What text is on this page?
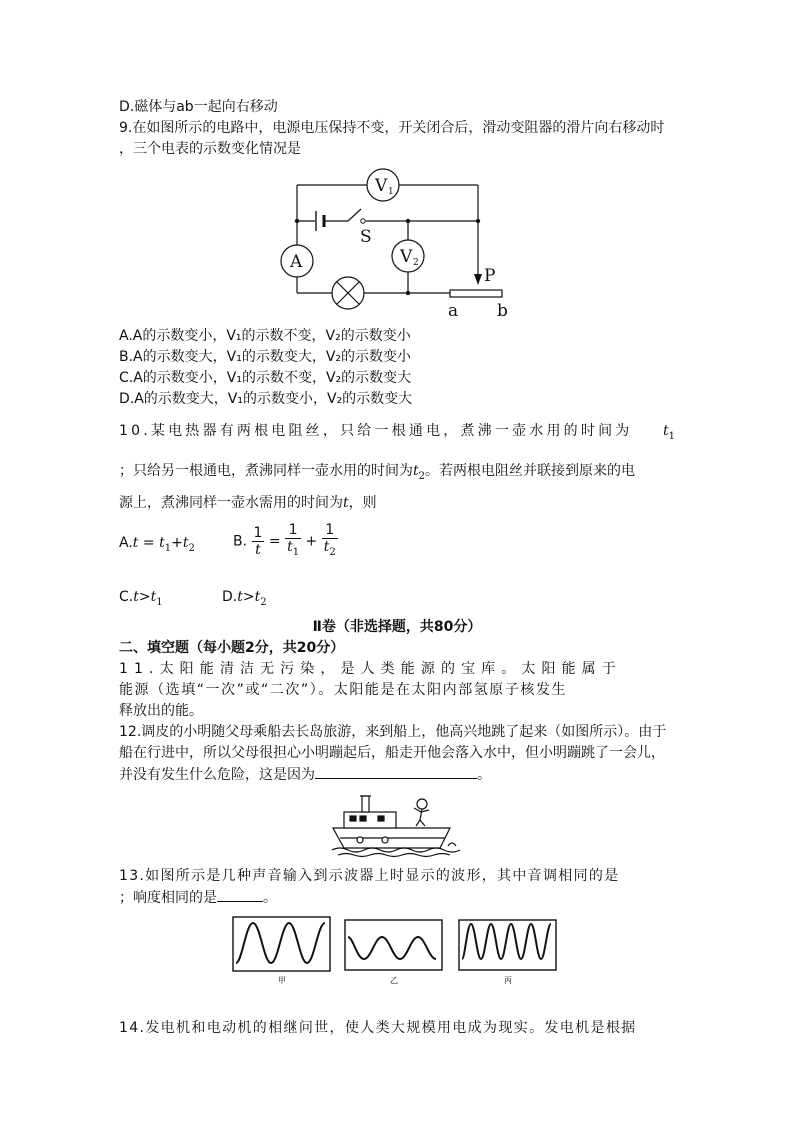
D.磁体与ab一起向右移动
9.在如图所示的电路中，电源电压保持不变，开关闭合后，滑动变阻器的滑片向右移动时
，三个电表的示数变化情况是
V 1
V 2
A
S
P
a b
A.A的示数变小，V₁的示数不变，V₂的示数变小
B.A的示数变大，V₁的示数变大，V₂的示数变小
C.A的示数变小，V₁的示数不变，V₂的示数变大
D.A的示数变大，V₁的示数变小，V₂的示数变大
10.某电热器有两根电阻丝，只给一根通电，煮沸一壶水用的时间为 $t_1$
；只给另一根通电，煮沸同样一壶水用的时间为$t_2$。若两根电阻丝并联接到原来的电
源上，煮沸同样一壶水需用的时间为t，则
$A.t = t_1+t_2$	B. $\frac{1}{t} = \frac{1}{t_1} + \frac{1}{t_2}$
$C.t>t_1$	$D.t>t_2$
Ⅱ卷（非选择题，共80分）
二、填空题（每小题2分，共20分）
11.太阳能清洁无污染，是人类能源的宝库。太阳能属于
能源（选填“一次”或“二次”）。太阳能是在太阳内部氢原子核发生
释放出的能。
12.调皮的小明随父母乘船去长岛旅游，来到船上，他高兴地跳了起来（如图所示）。由于
船在行进中，所以父母很担心小明蹦起后，船走开他会落入水中，但小明蹦跳了一会儿，
并没有发生什么危险，这是因为	。
13.如图所示是几种声音输入到示波器上时显示的波形，其中音调相同的是
；响度相同的是	。
甲	乙	丙
14.发电机和电动机的相继问世，使人类大规模用电成为现实。发电机是根据
